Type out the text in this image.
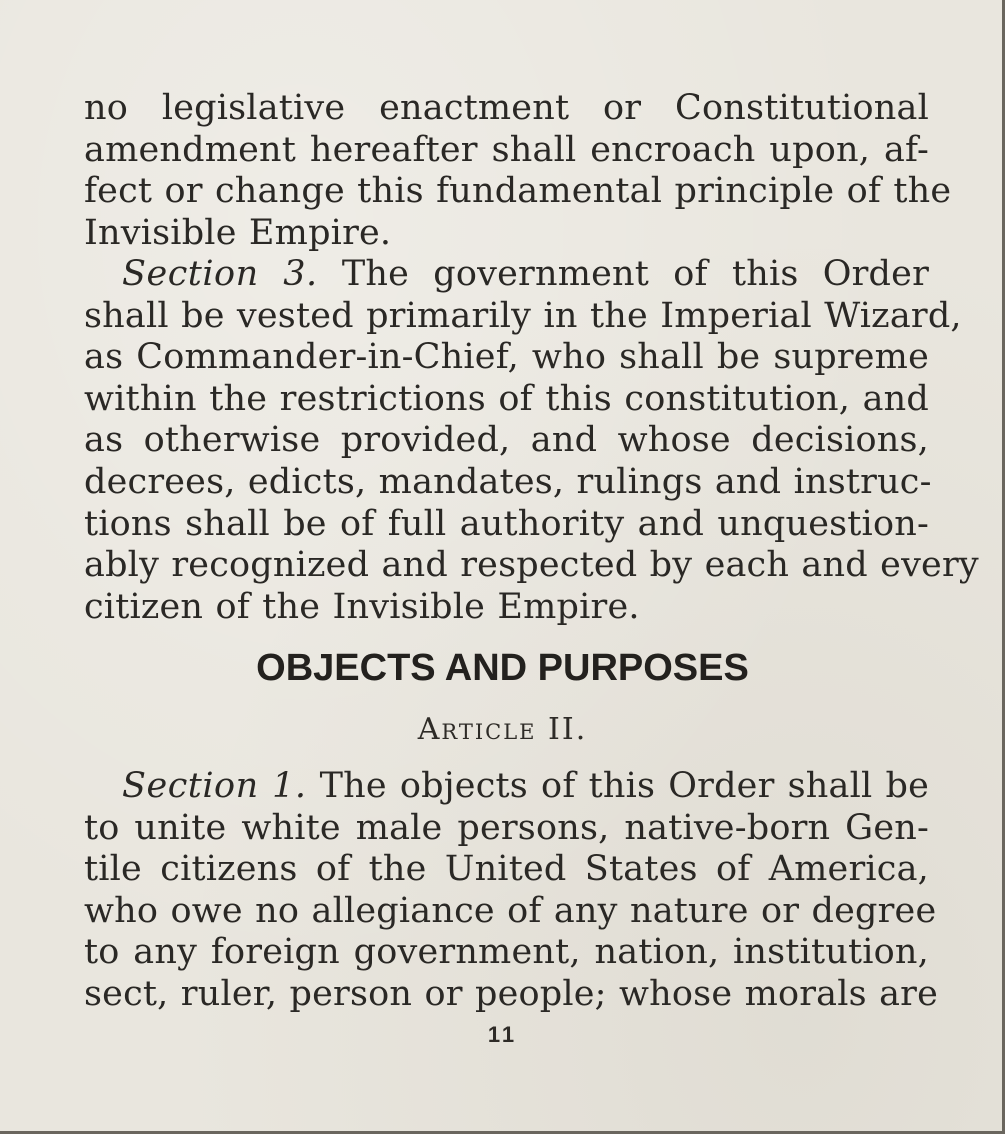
no legislative enactment or Constitutional
amendment hereafter shall encroach upon, af-
fect or change this fundamental principle of the
Invisible Empire.
Section 3. The government of this Order
shall be vested primarily in the Imperial Wizard,
as Commander-in-Chief, who shall be supreme
within the restrictions of this constitution, and
as otherwise provided, and whose decisions,
decrees, edicts, mandates, rulings and instruc-
tions shall be of full authority and unquestion-
ably recognized and respected by each and every
citizen of the Invisible Empire.
OBJECTS AND PURPOSES
Article II.
Section 1. The objects of this Order shall be
to unite white male persons, native-born Gen-
tile citizens of the United States of America,
who owe no allegiance of any nature or degree
to any foreign government, nation, institution,
sect, ruler, person or people; whose morals are
11
